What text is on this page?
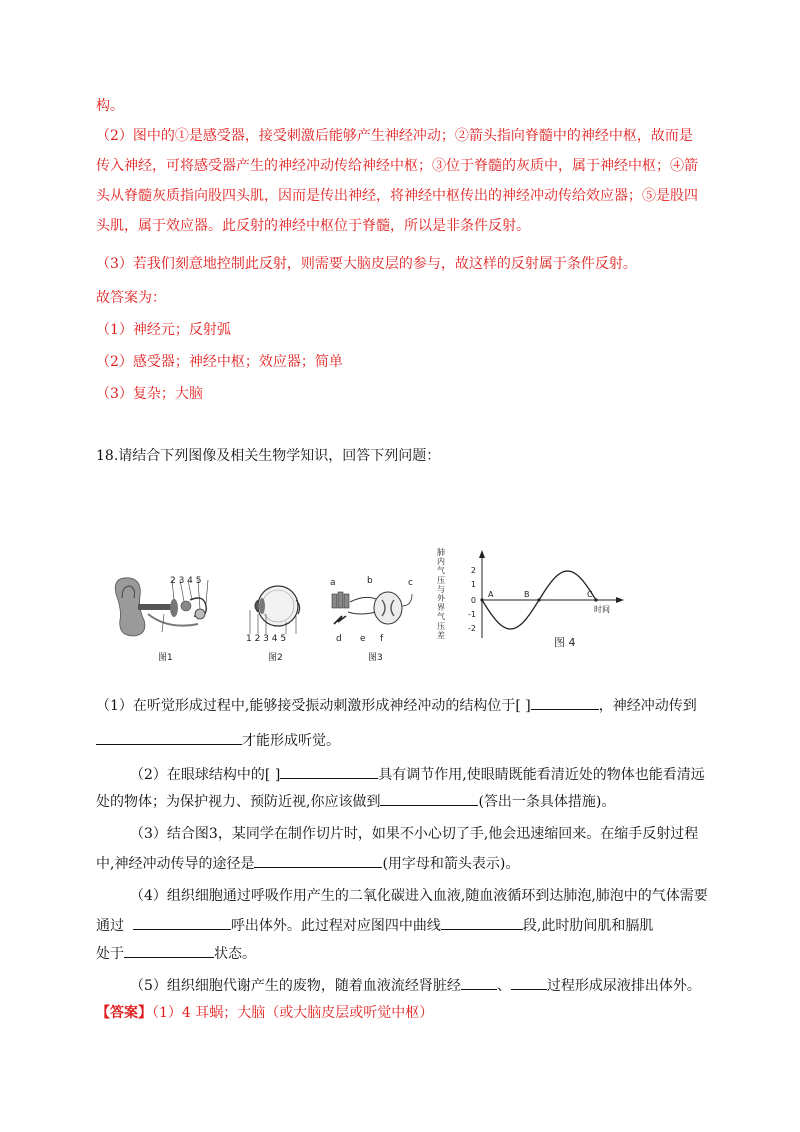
构。
（2）图中的①是感受器，接受刺激后能够产生神经冲动；②箭头指向脊髓中的神经中枢，故而是
传入神经，可将感受器产生的神经冲动传给神经中枢；③位于脊髓的灰质中，属于神经中枢；④箭
头从脊髓灰质指向股四头肌，因而是传出神经，将神经中枢传出的神经冲动传给效应器；⑤是股四
头肌，属于效应器。此反射的神经中枢位于脊髓，所以是非条件反射。
（3）若我们刻意地控制此反射，则需要大脑皮层的参与，故这样的反射属于条件反射。
故答案为：
（1）神经元；反射弧
（2）感受器；神经中枢；效应器；简单
（3）复杂；大脑
18.请结合下列图像及相关生物学知识，回答下列问题：
2 3 4 5
图1
1 2 3 4 5
图2
a	b	c
d e f
图3
2
1
0
-1
-2
A	B	C
时间
图 4
肺内气压与外界气压差
（1）在听觉形成过程中,能够接受振动刺激形成神经冲动的结构位于[ ]	，神经冲动传到
才能形成听觉。
（2）在眼球结构中的[ ]	具有调节作用,使眼睛既能看清近处的物体也能看清远
处的物体；为保护视力、预防近视,你应该做到	(答出一条具体措施)。
（3）结合图3，某同学在制作切片时，如果不小心切了手,他会迅速缩回来。在缩手反射过程
中,神经冲动传导的途径是	(用字母和箭头表示)。
（4）组织细胞通过呼吸作用产生的二氧化碳进入血液,随血液循环到达肺泡,肺泡中的气体需要
通过	呼出体外。此过程对应图四中曲线	段,此时肋间肌和膈肌
处于	状态。
（5）组织细胞代谢产生的废物，随着血液流经肾脏经	、	过程形成尿液排出体外。
【答案】（1）4 耳蜗；大脑（或大脑皮层或听觉中枢）
